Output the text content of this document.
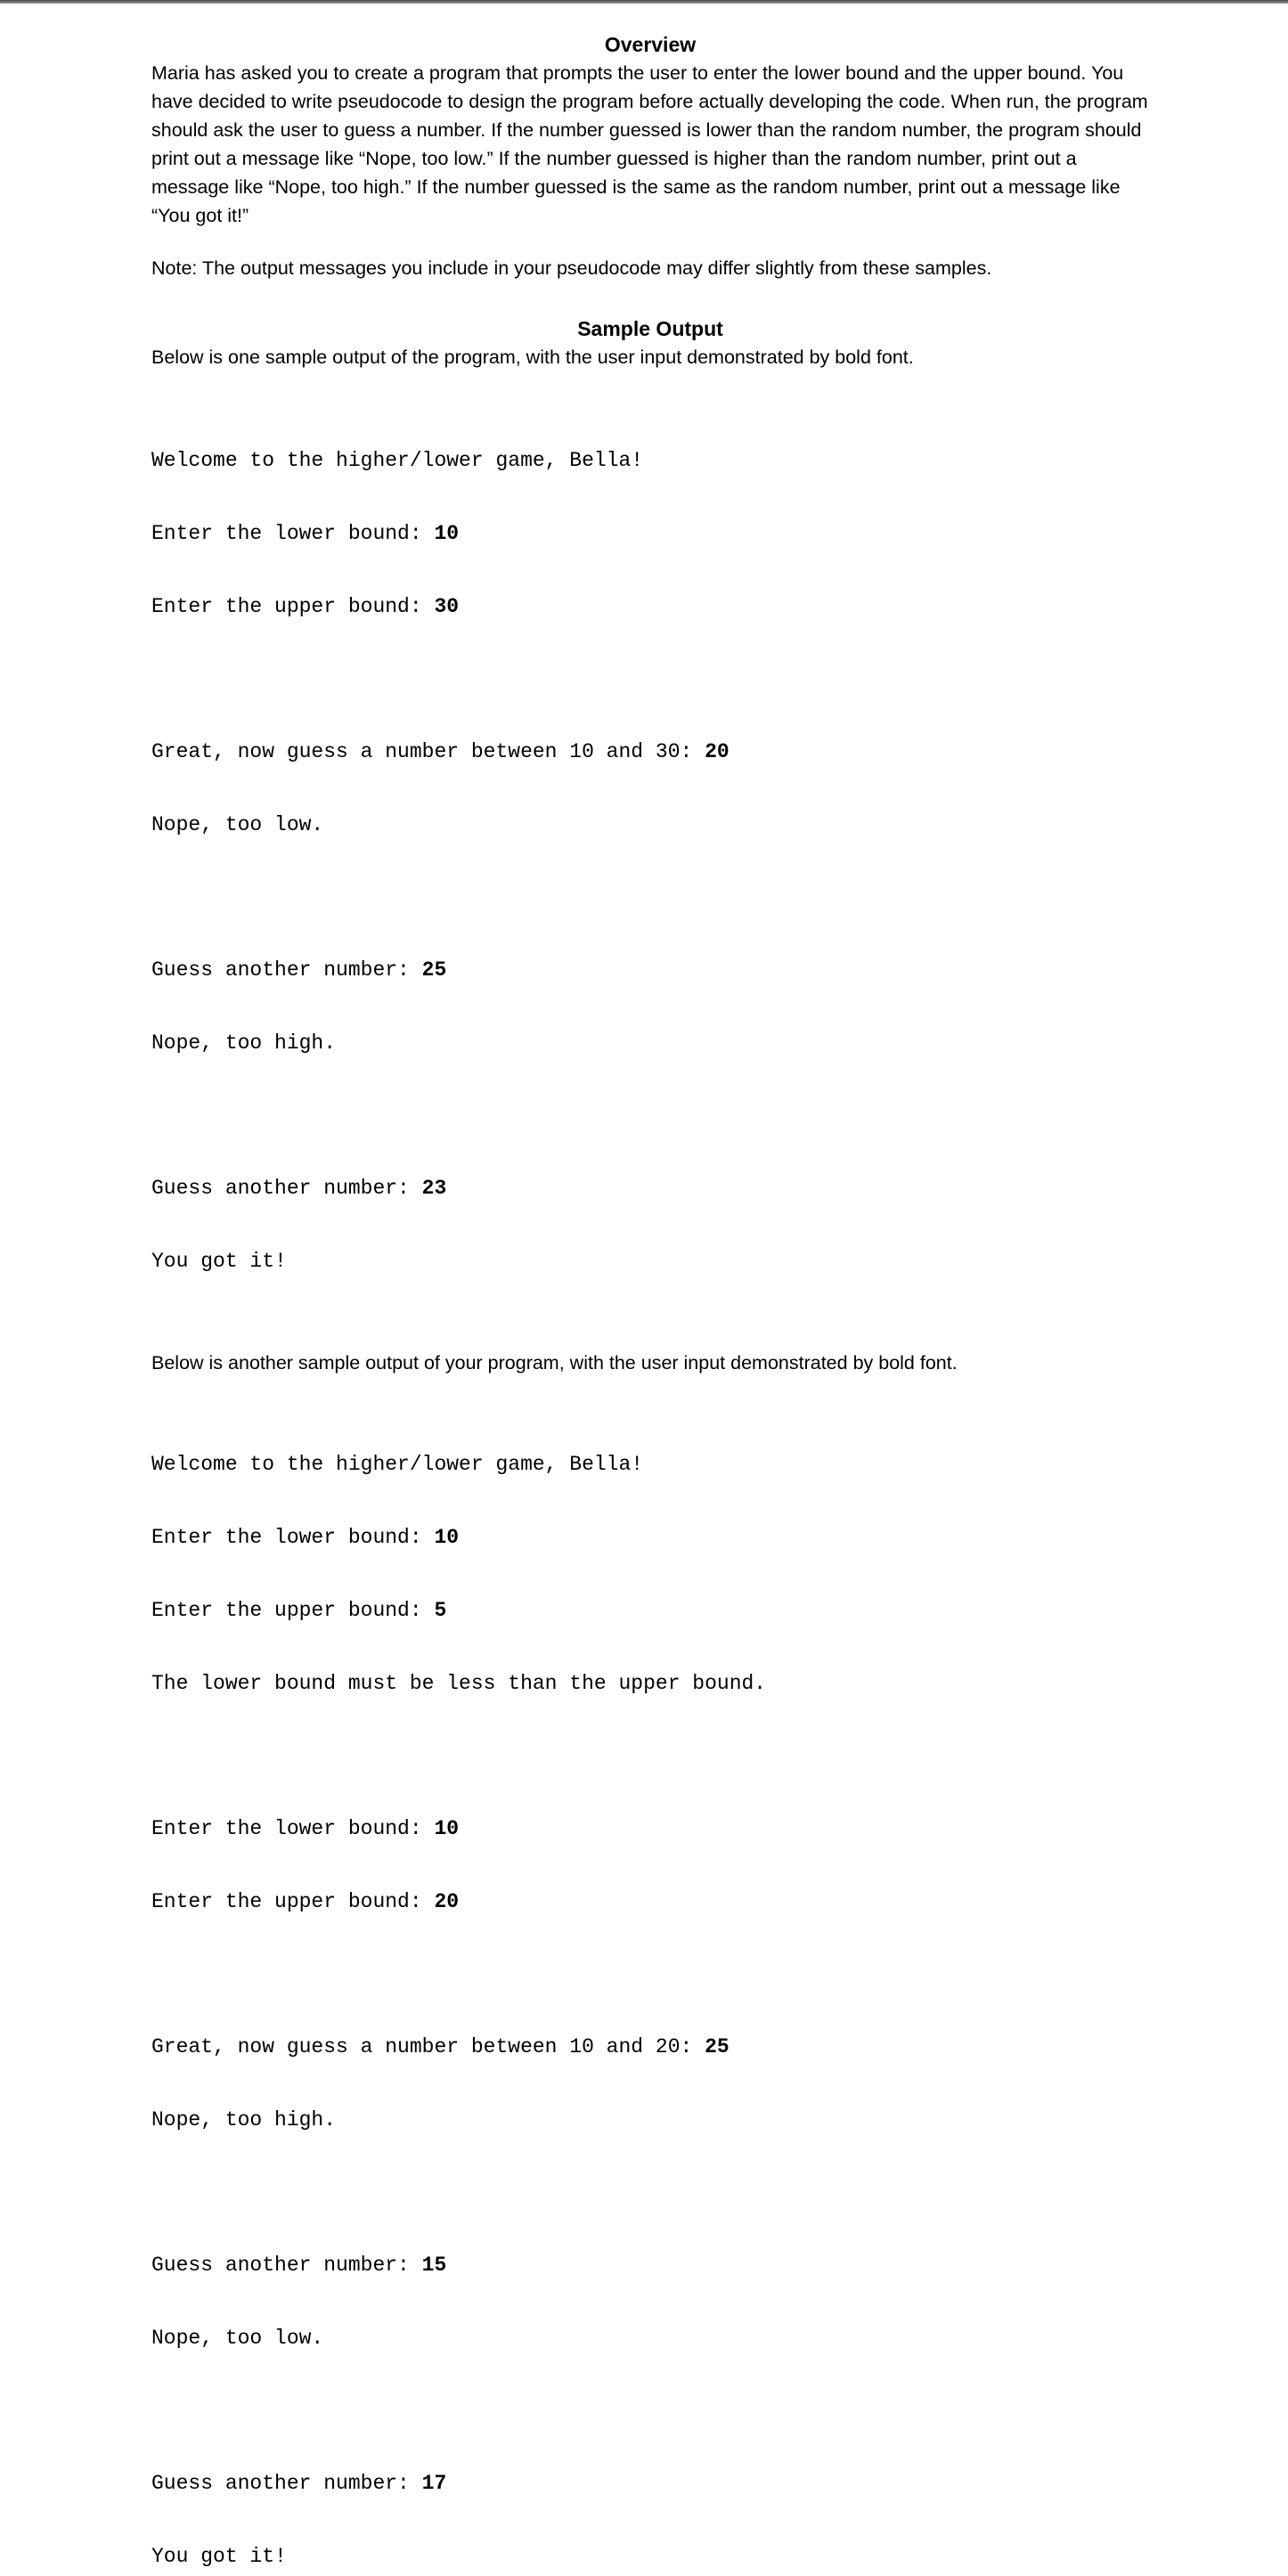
Overview

Maria has asked you to create a program that prompts the user to enter the lower bound and the upper bound. You have decided to write pseudocode to design the program before actually developing the code. When run, the program should ask the user to guess a number. If the number guessed is lower than the random number, the program should print out a message like “Nope, too low.” If the number guessed is higher than the random number, print out a message like “Nope, too high.” If the number guessed is the same as the random number, print out a message like “You got it!”

Note: The output messages you include in your pseudocode may differ slightly from these samples.

Sample Output

Below is one sample output of the program, with the user input demonstrated by bold font.

Welcome to the higher/lower game, Bella!

Enter the lower bound: 10

Enter the upper bound: 30

Great, now guess a number between 10 and 30: 20

Nope, too low.

Guess another number: 25

Nope, too high.

Guess another number: 23

You got it!

Below is another sample output of your program, with the user input demonstrated by bold font.

Welcome to the higher/lower game, Bella!

Enter the lower bound: 10

Enter the upper bound: 5

The lower bound must be less than the upper bound.

Enter the lower bound: 10

Enter the upper bound: 20

Great, now guess a number between 10 and 20: 25

Nope, too high.

Guess another number: 15

Nope, too low.

Guess another number: 17

You got it!
